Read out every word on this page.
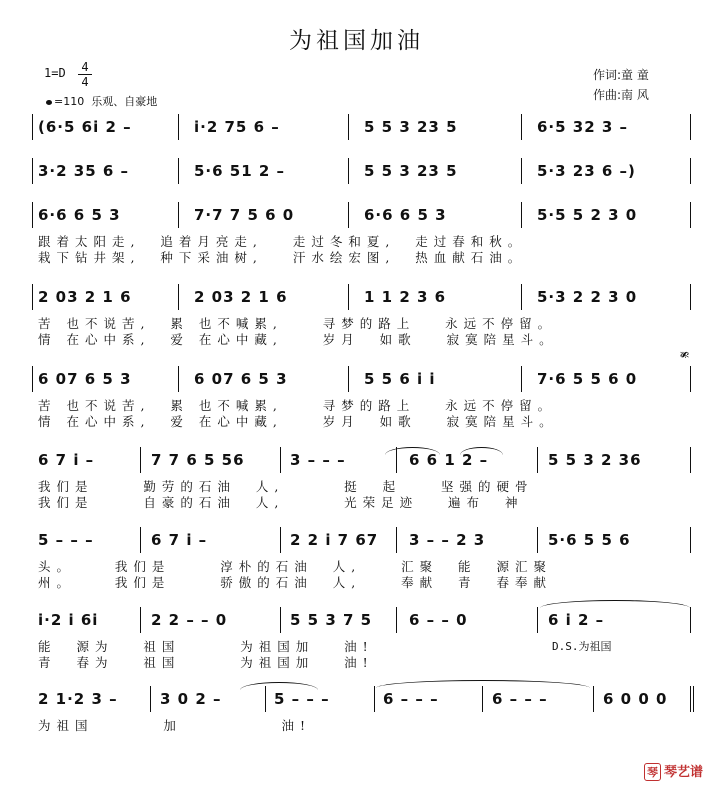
为祖国加油
$1=D \frac{4}{4}$
=110 乐观、自豪地
作词:童 童
作曲:南 风
(6·5 6i 2 –	i·2 75 6 –	5 5 3 23 5	6·5 32 3 –
3·2 35 6 –	5·6 51 2 –	5 5 3 23 5	5·3 23 6 –)
6·6 6 5 3	7·7 7 5 6 0	6·6 6 5 3	5·5 5 2 3 0
跟着太阳走,  追着月亮走,   走过冬和夏,  走过春和秋。
栽下钻井架,  种下采油树,   汗水绘宏图,  热血献石油。
2 03 2 1 6	2 03 2 1 6	1 1 2 3 6	5·3 2 2 3 0
苦 也不说苦,  累 也不喊累,    寻梦的路上   永远不停留。
情 在心中系,  爱 在心中藏,    岁月  如歌   寂寞陪星斗。
6 07 6 5 3	6 07 6 5 3	5 5 6 i i	7·6 5 5 6 0
苦 也不说苦,  累 也不喊累,    寻梦的路上   永远不停留。
情 在心中系,  爱 在心中藏,    岁月  如歌   寂寞陪星斗。
6 7 i –	7 7 6 5 56	3 – – –	6 6 1 2 –	5 5 3 2 36
我们是     勤劳的石油  人,      挺  起    坚强的硬骨
我们是     自豪的石油  人,      光荣足迹   遍布  神
5 – – –	6 7 i –	2 2 i 7 67 3 – – 2 3	5·6 5 5 6
头。    我们是     淳朴的石油  人,    汇聚  能  源汇聚
州。    我们是     骄傲的石油  人,    奉献  青  春奉献
i·2 i 6i	2 2 – – 0	5 5 3 7 5 6 – – 0	6 i 2 –
能  源为   祖国      为祖国加   油!
青  春为   祖国      为祖国加   油!
D.S.为祖国
2 1·2 3 –	3 0 2 –	5 – – –	6 – – –	6 – – –	6 0 0 0
为祖国       加          油!
𝄋
琴 琴艺谱
